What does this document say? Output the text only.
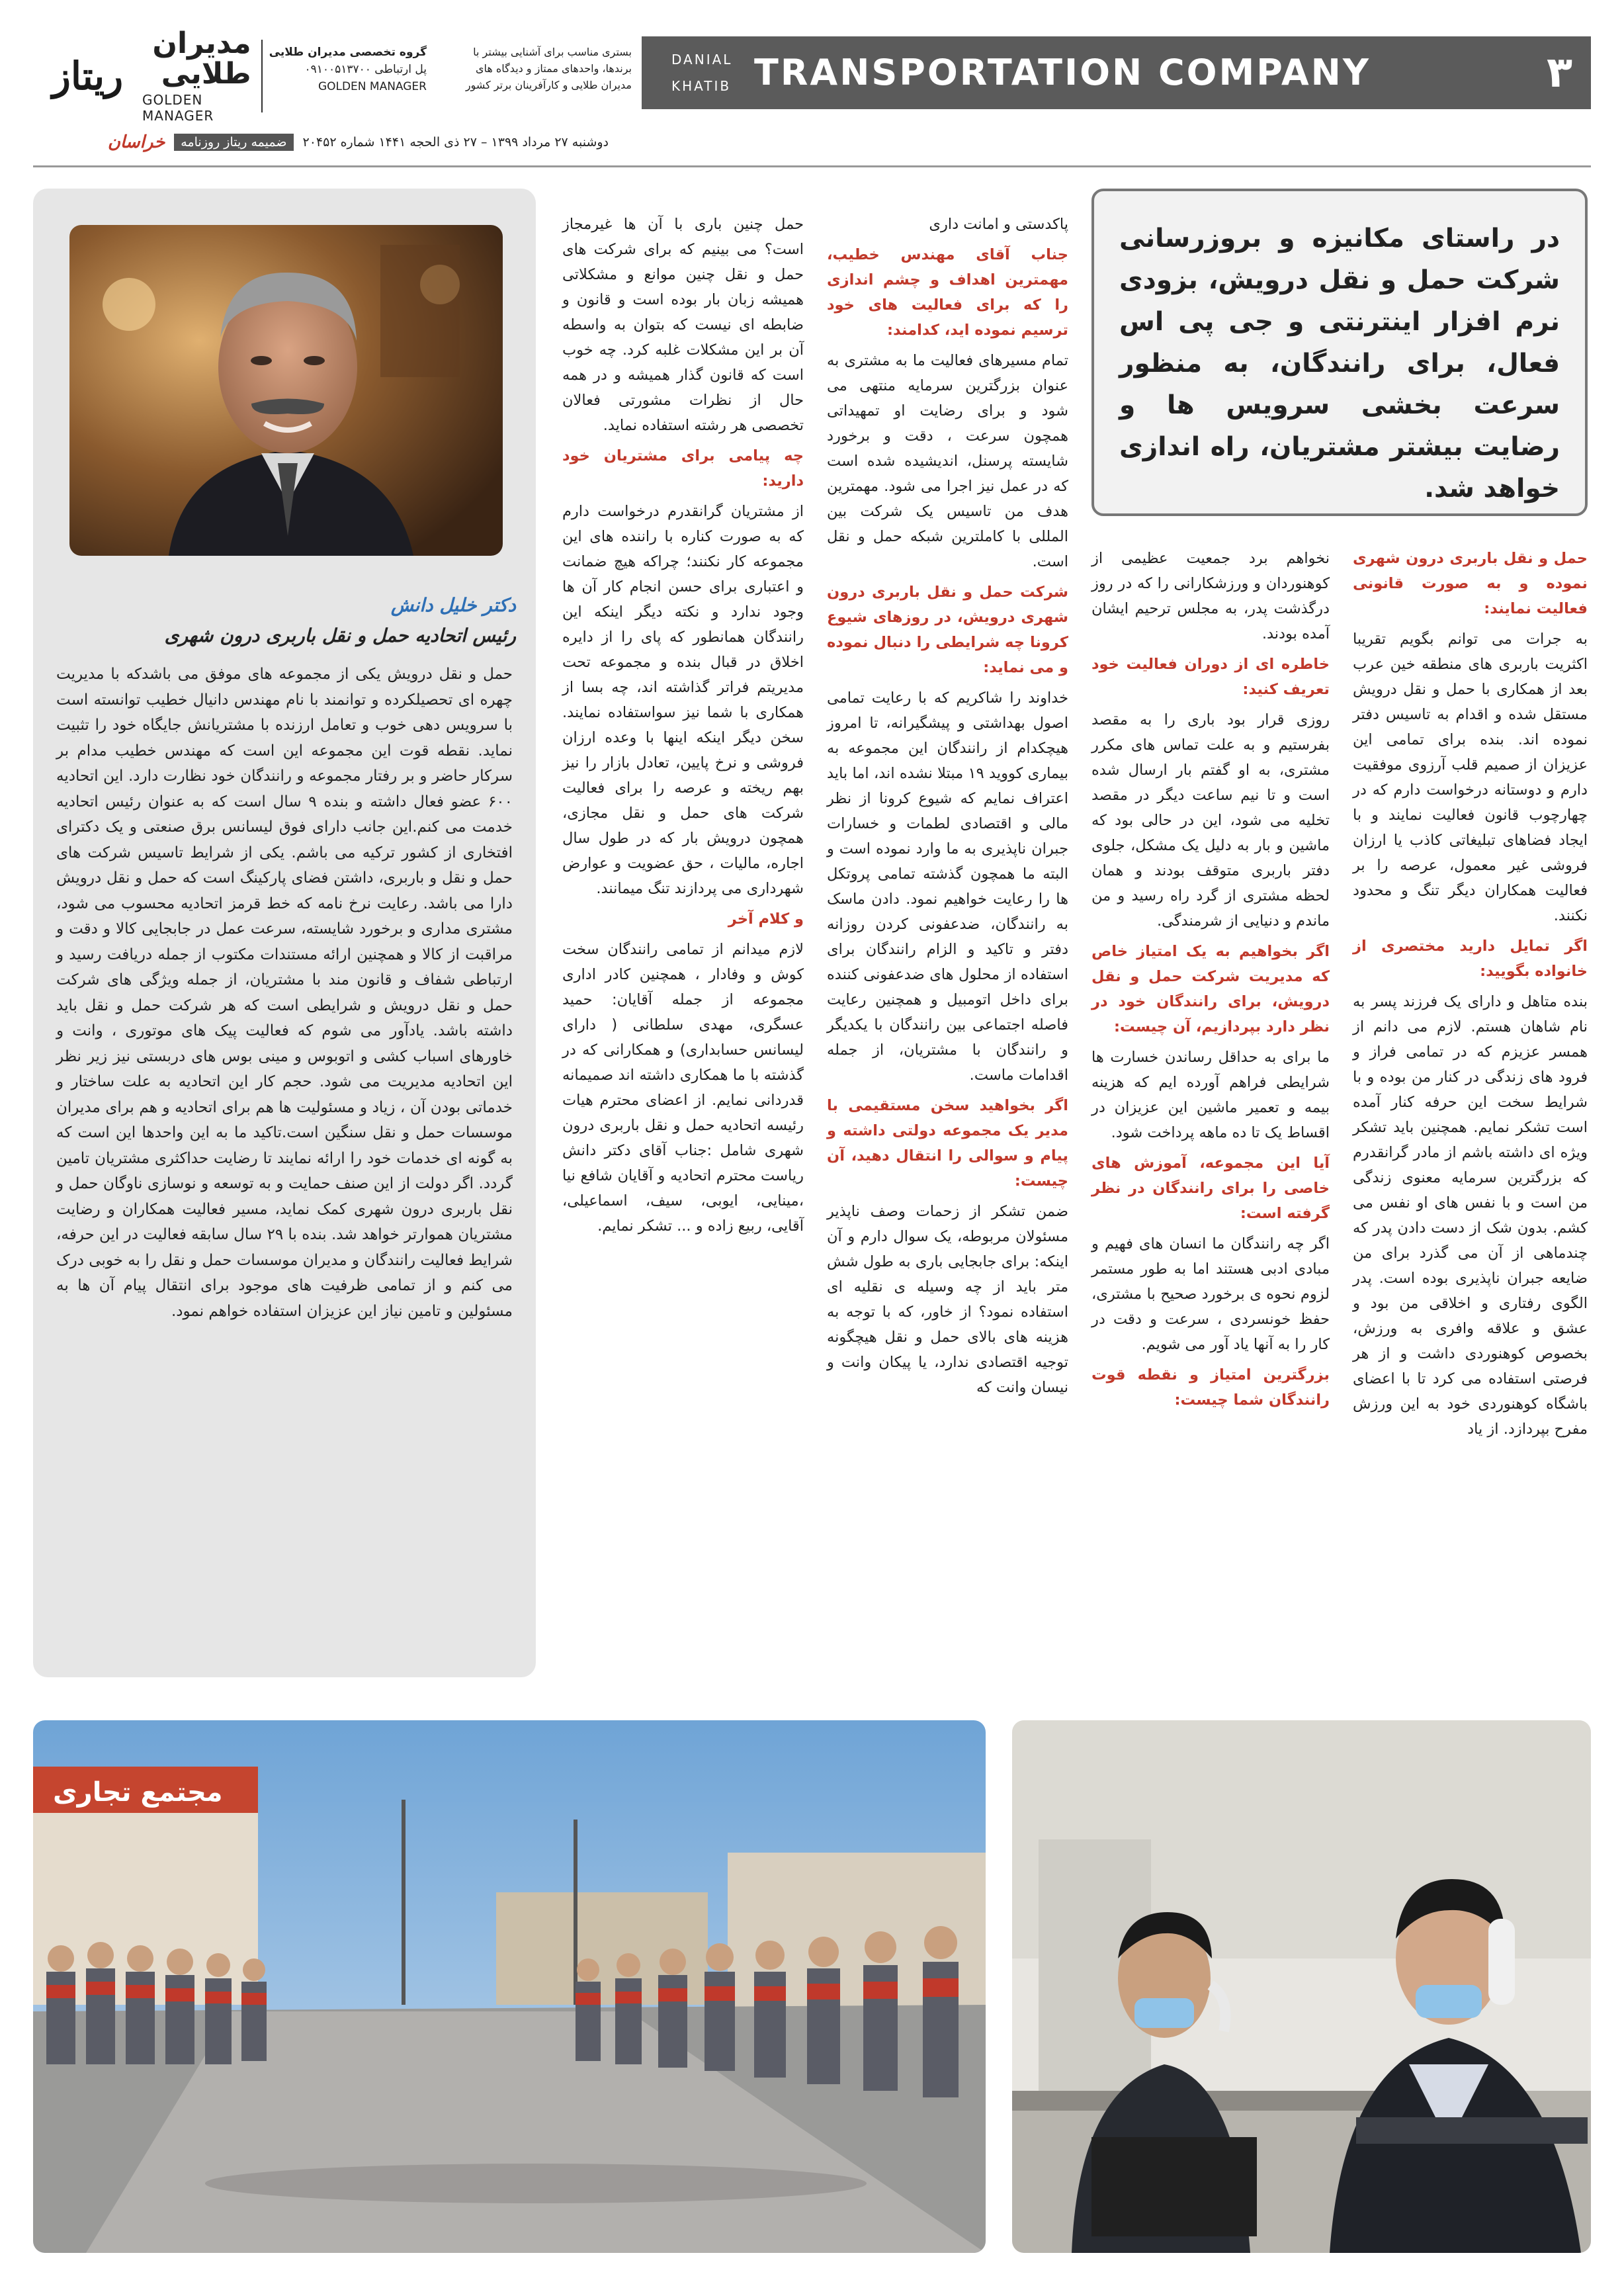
ریتاز
مدیران
طلایی
GOLDEN MANAGER
گروه تخصصی مدیران طلایی
پل ارتباطی ۰۹۱۰۰۵۱۳۷۰۰
GOLDEN MANAGER
بستری مناسب برای آشنایی بیشتر با
برندها، واحدهای ممتاز و دیدگاه های
مدیران طلایی و کارآفرینان برتر کشور
DANIAL
KHATIB TRANSPORTATION COMPANY	۳
دوشنبه ۲۷ مرداد ۱۳۹۹ – ۲۷ ذی الحجه ۱۴۴۱ شماره ۲۰۴۵۲
ضمیمه ریتاز روزنامه
خراسان
در راستای مکانیزه و بروزرسانی شرکت حمل و نقل درویش، بزودی نرم افزار اینترنتی و جی پی اس فعال، برای رانندگان، به منظور سرعت بخشی سرویس ها و رضایت بیشتر مشتریان، راه اندازی خواهد شد.

حمل و نقل باربری درون شهری نموده و به صورت قانونی فعالیت نمایند:

به جرات می توانم بگویم تقریبا اکثریت باربری های منطقه خین عرب بعد از همکاری با حمل و نقل درویش مستقل شده و اقدام به تاسیس دفتر نموده اند. بنده برای تمامی این عزیزان از صمیم قلب آرزوی موفقیت دارم و دوستانه درخواست دارم که در چهارچوب قانون فعالیت نمایند و با ایجاد فضاهای تبلیغاتی کاذب یا ارزان فروشی غیر معمول، عرصه را بر فعالیت همکاران دیگر تنگ و محدود نکنند.

اگر تمایل دارید مختصری از خانواده بگویید:

بنده متاهل و دارای یک فرزند پسر به نام شاهان هستم. لازم می دانم از همسر عزیزم که در تمامی فراز و فرود های زندگی در کنار من بوده و با شرایط سخت این حرفه کنار آمده است تشکر نمایم. همچنین باید تشکر ویژه ای داشته باشم از مادر گرانقدرم که بزرگترین سرمایه معنوی زندگی من است و با نفس های او نفس می کشم. بدون شک از دست دادن پدر که چندماهی از آن می گذرد برای من ضایعه جبران ناپذیری بوده است. پدر الگوی رفتاری و اخلاقی من بود و عشق و علاقه وافری به ورزش، بخصوص کوهنوردی داشت و از هر فرصتی استفاده می کرد تا با اعضای باشگاه کوهنوردی خود به این ورزش مفرح بپردازد. از یاد

نخواهم برد جمعیت عظیمی از کوهنوردان و ورزشکارانی را که در روز درگذشت پدر، به مجلس ترحیم ایشان آمده بودند.

خاطره ای از دوران فعالیت خود تعریف کنید:

روزی قرار بود باری را به مقصد بفرستیم و به علت تماس های مکرر مشتری، به او گفتم بار ارسال شده است و تا نیم ساعت دیگر در مقصد تخلیه می شود، این در حالی بود که ماشین و بار به دلیل یک مشکل، جلوی دفتر باربری متوقف بودند و همان لحظه مشتری از گرد راه رسید و من ماندم و دنیایی از شرمندگی.

اگر بخواهیم به یک امتیاز خاص که مدیریت شرکت حمل و نقل درویش، برای رانندگان خود در نظر دارد بپردازیم، آن چیست:

ما برای به حداقل رساندن خسارت ها شرایطی فراهم آورده ایم که هزینه بیمه و تعمیر ماشین این عزیزان در اقساط یک تا ده ماهه پرداخت شود.

آیا این مجموعه، آموزش های خاصی را برای رانندگان در نظر گرفته است:

اگر چه رانندگان ما انسان های فهیم و مبادی ادبی هستند اما به طور مستمر لزوم نحوه ی برخورد صحیح با مشتری، حفظ خونسردی ، سرعت و دقت در کار را به آنها یاد آور می شویم.

بزرگترین امتیاز و نقطه قوت رانندگان شما چیست:

پاکدستی و امانت داری

جناب آقای مهندس خطیب، مهمترین اهداف و چشم اندازی را که برای فعالیت های خود ترسیم نموده اید، کدامند:

تمام مسیرهای فعالیت ما به مشتری به عنوان بزرگترین سرمایه منتهی می شود و برای رضایت او تمهیداتی همچون سرعت ، دقت و برخورد شایسته پرسنل، اندیشیده شده است که در عمل نیز اجرا می شود. مهمترین هدف من تاسیس یک شرکت بین المللی با کاملترین شبکه حمل و نقل است.

شرکت حمل و نقل باربری درون شهری درویش، در روزهای شیوع کرونا چه شرایطی را دنبال نموده و می نماید:

خداوند را شاکریم که با رعایت تمامی اصول بهداشتی و پیشگیرانه، تا امروز هیچکدام از رانندگان این مجموعه به بیماری کووید ۱۹ مبتلا نشده اند، اما باید اعتراف نمایم که شیوع کرونا از نظر مالی و اقتصادی لطمات و خسارات جبران ناپذیری به ما وارد نموده است و البته ما همچون گذشته تمامی پروتکل ها را رعایت خواهیم نمود. دادن ماسک به رانندگان، ضدعفونی کردن روزانه دفتر و تاکید و الزام رانندگان برای استفاده از محلول های ضدعفونی کننده برای داخل اتومبیل و همچنین رعایت فاصله اجتماعی بین رانندگان با یکدیگر و رانندگان با مشتریان، از جمله اقدامات ماست.

اگر بخواهید سخن مستقیمی با مدیر یک مجموعه دولتی داشته و پیام و سوالی را انتقال دهید، آن چیست:

ضمن تشکر از زحمات وصف ناپذیر مسئولان مربوطه، یک سوال دارم و آن اینکه: برای جابجایی باری به طول شش متر باید از چه وسیله ی نقلیه ای استفاده نمود؟ از خاور، که با توجه به هزینه های بالای حمل و نقل هیچگونه توجیه اقتصادی ندارد، یا پیکان وانت و نیسان وانت که

حمل چنین باری با آن ها غیرمجاز است؟ می بینیم که برای شرکت های حمل و نقل چنین موانع و مشکلاتی همیشه زبان بار بوده است و قانون و ضابطه ای نیست که بتوان به واسطه آن بر این مشکلات غلبه کرد. چه خوب است که قانون گذار همیشه و در همه حال از نظرات مشورتی فعالان تخصصی هر رشته استفاده نماید.

چه پیامی برای مشتریان خود دارید:

از مشتریان گرانقدرم درخواست دارم که به صورت کناره با راننده های این مجموعه کار نکنند؛ چراکه هیچ ضمانت و اعتباری برای حسن انجام کار آن ها وجود ندارد و نکته دیگر اینکه این رانندگان همانطور که پای را از دایره اخلاق در قبال بنده و مجموعه تحت مدیریتم فراتر گذاشته اند، چه بسا از همکاری با شما نیز سواستفاده نمایند. سخن دیگر اینکه اینها با وعده ارزان فروشی و نرخ پایین، تعادل بازار را نیز بهم ریخته و عرصه را برای فعالیت شرکت های حمل و نقل مجازی، همچون درویش بار که در طول سال اجاره، مالیات ، حق عضویت و عوارض شهرداری می پردازند تنگ میمانند.

و کلام آخر

لازم میدانم از تمامی رانندگان سخت کوش و وفادار ، همچنین کادر اداری مجموعه از جمله آقایان: حمید عسگری، مهدی سلطانی ( دارای لیسانس حسابداری) و همکارانی که در گذشته با ما همکاری داشته اند صمیمانه قدردانی نمایم. از اعضای محترم هیات رئیسه اتحادیه حمل و نقل باربری درون شهری شامل :جناب آقای دکتر دانش ریاست محترم اتحادیه و آقایان شافع نیا ،مینایی، ایوبی، سیف، اسماعیلی، آقایی، ربیع زاده و ... تشکر نمایم.

دکتر خلیل دانش
رئیس اتحادیه حمل و نقل باربری درون شهری
حمل و نقل درویش یکی از مجموعه های موفق می باشدکه با مدیریت چهره ای تحصیلکرده و توانمند با نام مهندس دانیال خطیب توانسته است با سرویس دهی خوب و تعامل ارزنده با مشتریانش جایگاه خود را تثبیت نماید. نقطه قوت این مجموعه این است که مهندس خطیب مدام بر سرکار حاضر و بر رفتار مجموعه و رانندگان خود نظارت دارد. این اتحادیه ۶۰۰ عضو فعال داشته و بنده ۹ سال است که به عنوان رئیس اتحادیه خدمت می کنم.این جانب دارای فوق لیسانس برق صنعتی و یک دکترای افتخاری از کشور ترکیه می باشم. یکی از شرایط تاسیس شرکت های حمل و نقل و باربری، داشتن فضای پارکینگ است که حمل و نقل درویش دارا می باشد. رعایت نرخ نامه که خط قرمز اتحادیه محسوب می شود، مشتری مداری و برخورد شایسته، سرعت عمل در جابجایی کالا و دقت و مراقبت از کالا و همچنین ارائه مستندات مکتوب از جمله دریافت رسید و ارتباطی شفاف و قانون مند با مشتریان، از جمله ویژگی های شرکت حمل و نقل درویش و شرایطی است که هر شرکت حمل و نقل باید داشته باشد. یادآور می شوم که فعالیت پیک های موتوری ، وانت و خاورهای اسباب کشی و اتوبوس و مینی بوس های دربستی نیز زیر نظر این اتحادیه مدیریت می شود. حجم کار این اتحادیه به علت ساختار و خدماتی بودن آن ، زیاد و مسئولیت ها هم برای اتحادیه و هم برای مدیران موسسات حمل و نقل سنگین است.تاکید ما به این واحدها این است که به گونه ای خدمات خود را ارائه نمایند تا رضایت حداکثری مشتریان تامین گردد. اگر دولت از این صنف حمایت و به توسعه و نوسازی ناوگان حمل و نقل باربری درون شهری کمک نماید، مسیر فعالیت همکاران و رضایت مشتریان هموارتر خواهد شد. بنده با ۲۹ سال سابقه فعالیت در این حرفه، شرایط فعالیت رانندگان و مدیران موسسات حمل و نقل را به خوبی درک می کنم و از تمامی ظرفیت های موجود برای انتقال پیام آن ها به مسئولین و تامین نیاز این عزیزان استفاده خواهم نمود.
مجتمع تجاری
